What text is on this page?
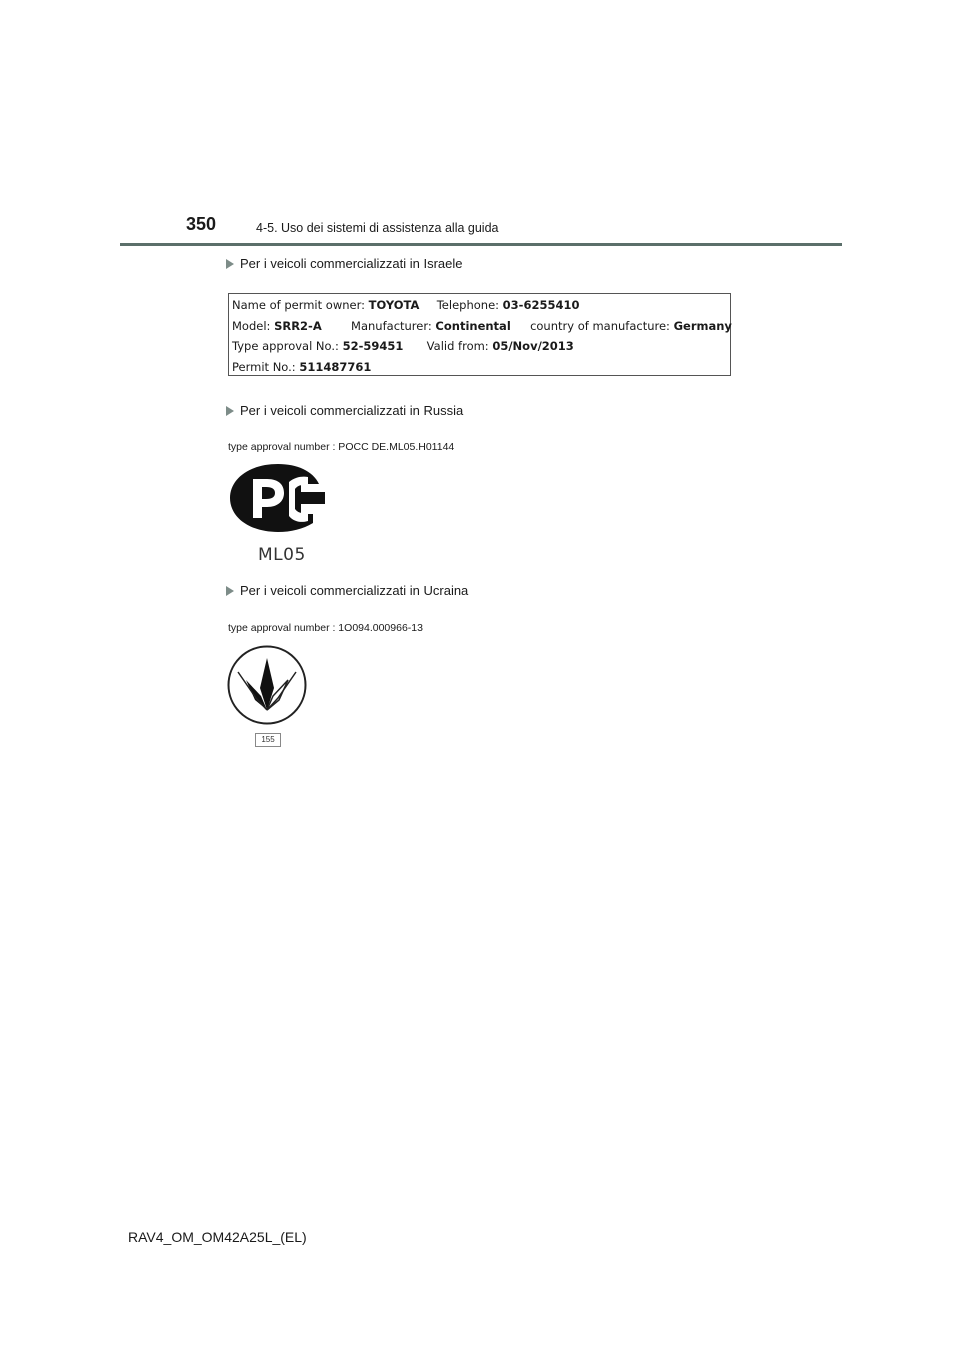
350	4-5. Uso dei sistemi di assistenza alla guida
Per i veicoli commercializzati in Israele
Name of permit owner: TOYOTA Telephone: 03-6255410
Model: SRR2-A	Manufacturer: Continental country of manufacture: Germany
Type approval No.: 52-59451 Valid from: 05/Nov/2013
Permit No.: 511487761
Per i veicoli commercializzati in Russia
type approval number : POCC DE.ML05.H01144
ML05
Per i veicoli commercializzati in Ucraina
type approval number : 1O094.000966-13
155
RAV4_OM_OM42A25L_(EL)
